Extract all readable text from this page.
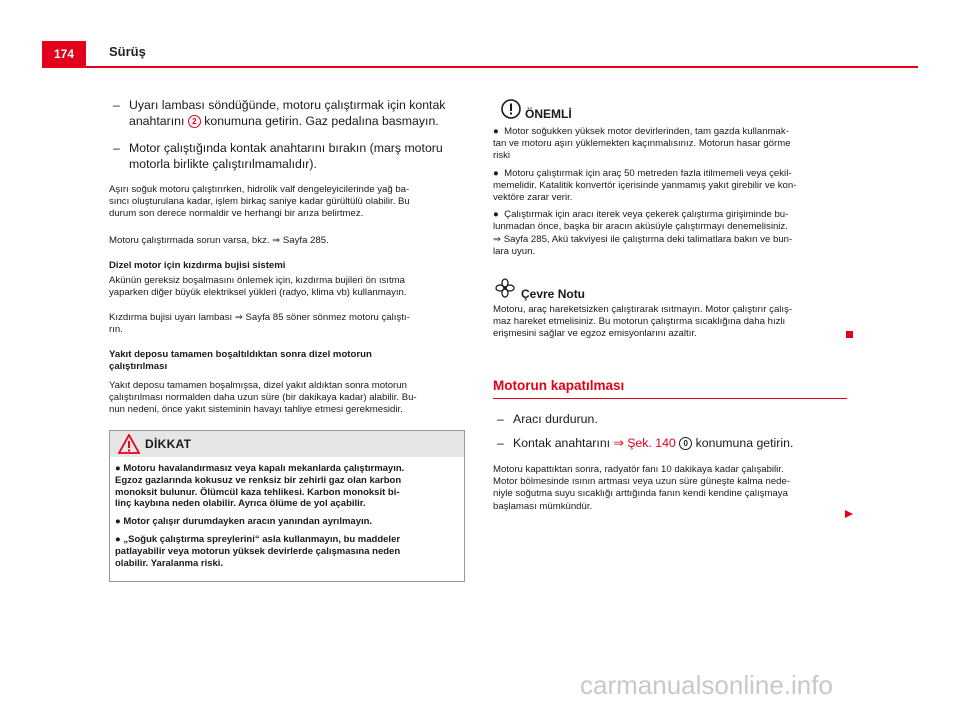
174	Sürüş
– Uyarı lambası söndüğünde, motoru çalıştırmak için kontak
anahtarını 2 konumuna getirin. Gaz pedalına basmayın.
– Motor çalıştığında kontak anahtarını bırakın (marş motoru
motorla birlikte çalıştırılmamalıdır).

Aşırı soğuk motoru çalıştırırken, hidrolik valf dengeleyicilerinde yağ ba-

sıncı oluşturulana kadar, işlem birkaç saniye kadar gürültülü olabilir. Bu

durum son derece normaldir ve herhangi bir arıza belirtmez.

Motoru çalıştırmada sorun varsa, bkz. ⇒ Sayfa 285.
Dizel motor için kızdırma bujisi sistemi

Akünün gereksiz boşalmasını önlemek için, kızdırma bujileri ön ısıtma

yaparken diğer büyük elektriksel yükleri (radyo, klima vb) kullanmayın.

Kızdırma bujisi uyarı lambası ⇒ Sayfa 85 söner sönmez motoru çalıştı-

rın.

Yakıt deposu tamamen boşaltıldıktan sonra dizel motorun

çalıştırılması

Yakıt deposu tamamen boşalmışsa, dizel yakıt aldıktan sonra motorun

çalıştırılması normalden daha uzun süre (bir dakikaya kadar) alabilir. Bu-

nun nedeni, önce yakıt sisteminin havayı tahliye etmesi gerekmesidir.

DİKKAT

● Motoru havalandırmasız veya kapalı mekanlarda çalıştırmayın.
Egzoz gazlarında kokusuz ve renksiz bir zehirli gaz olan karbon
monoksit bulunur. Ölümcül kaza tehlikesi. Karbon monoksit bi-
linç kaybına neden olabilir. Ayrıca ölüme de yol açabilir.

● Motor çalışır durumdayken aracın yanından ayrılmayın.

● „Soğuk çalıştırma spreylerini“ asla kullanmayın, bu maddeler
patlayabilir veya motorun yüksek devirlerde çalışmasına neden
olabilir. Yaralanma riski.

ÖNEMLİ

●  Motor soğukken yüksek motor devirlerinden, tam gazda kullanmak-
tan ve motoru aşırı yüklemekten kaçınmalısınız. Motorun hasar görme
riski

●  Motoru çalıştırmak için araç 50 metreden fazla itilmemeli veya çekil-
memelidir. Katalitik konvertör içerisinde yanmamış yakıt girebilir ve kon-
vektöre zarar verir.

●  Çalıştırmak için aracı iterek veya çekerek çalıştırma girişiminde bu-
lunmadan önce, başka bir aracın aküsüyle çalıştırmayı denemelisiniz.
⇒ Sayfa 285, Akü takviyesi ile çalıştırma deki talimatlara bakın ve bun-
lara uyun.

Çevre Notu

Motoru, araç hareketsizken çalıştırarak ısıtmayın. Motor çalıştırır çalış-

maz hareket etmelisiniz. Bu motorun çalıştırma sıcaklığına daha hızlı

erişmesini sağlar ve egzoz emisyonlarını azaltır.

Motorun kapatılması
– Aracı durdurun.
– Kontak anahtarını ⇒ Şek. 140 0 konumuna getirin.

Motoru kapattıktan sonra, radyatör fanı 10 dakikaya kadar çalışabilir.

Motor bölmesinde ısının artması veya uzun süre güneşte kalma nede-

niyle soğutma suyu sıcaklığı arttığında fanın kendi kendine çalışmaya

başlaması mümkündür.

carmanualsonline.info
